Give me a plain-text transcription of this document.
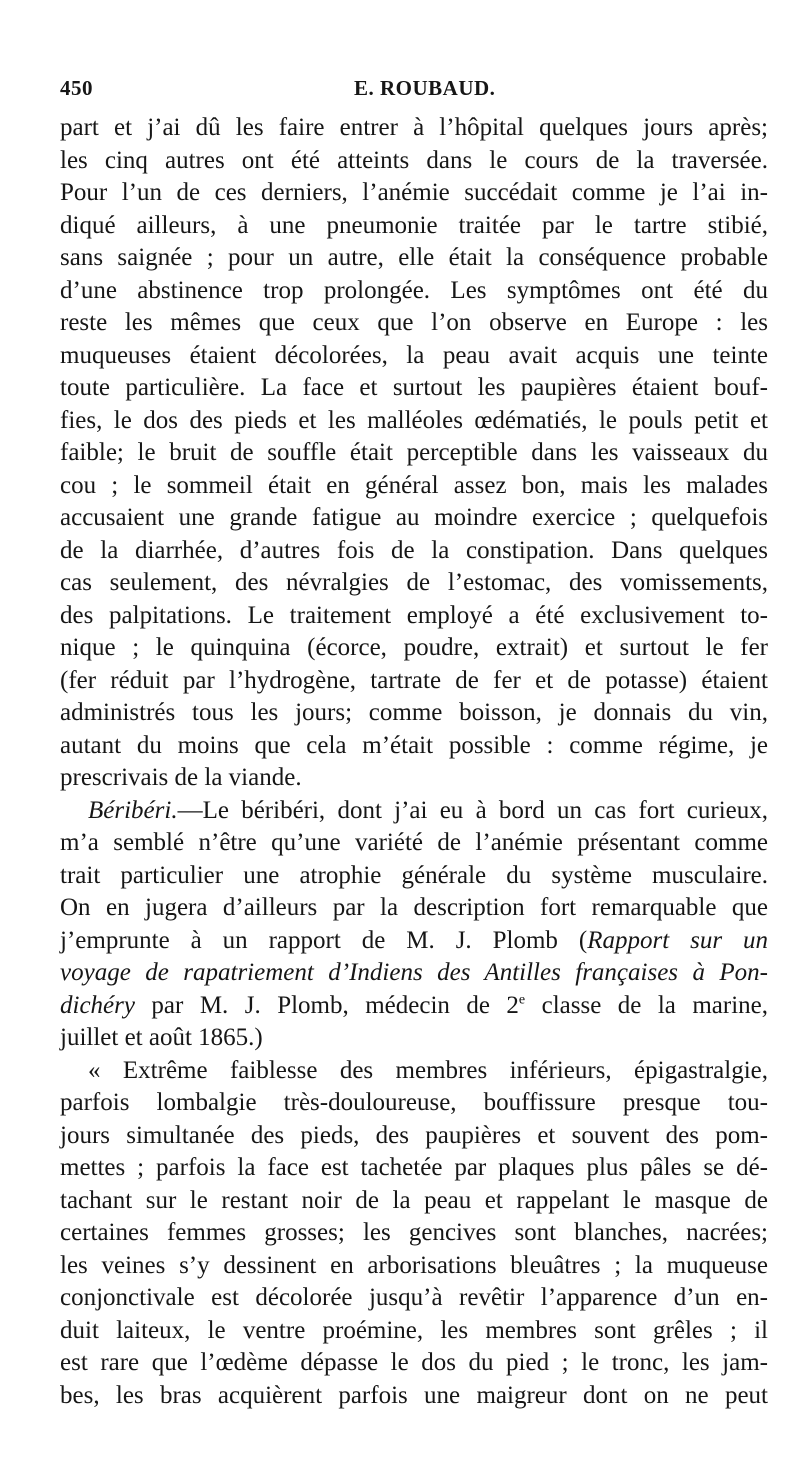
450	E. ROUBAUD.
part et j’ai dû les faire entrer à l’hôpital quelques jours après;
les cinq autres ont été atteints dans le cours de la traversée.
Pour l’un de ces derniers, l’anémie succédait comme je l’ai in-
diqué ailleurs, à une pneumonie traitée par le tartre stibié,
sans saignée ; pour un autre, elle était la conséquence probable
d’une abstinence trop prolongée. Les symptômes ont été du
reste les mêmes que ceux que l’on observe en Europe : les
muqueuses étaient décolorées, la peau avait acquis une teinte
toute particulière. La face et surtout les paupières étaient bouf-
fies, le dos des pieds et les malléoles œdématiés, le pouls petit et
faible; le bruit de souffle était perceptible dans les vaisseaux du
cou ; le sommeil était en général assez bon, mais les malades
accusaient une grande fatigue au moindre exercice ; quelquefois
de la diarrhée, d’autres fois de la constipation. Dans quelques
cas seulement, des névralgies de l’estomac, des vomissements,
des palpitations. Le traitement employé a été exclusivement to-
nique ; le quinquina (écorce, poudre, extrait) et surtout le fer
(fer réduit par l’hydrogène, tartrate de fer et de potasse) étaient
administrés tous les jours; comme boisson, je donnais du vin,
autant du moins que cela m’était possible : comme régime, je
prescrivais de la viande.
Béribéri.—Le béribéri, dont j’ai eu à bord un cas fort curieux,
m’a semblé n’être qu’une variété de l’anémie présentant comme
trait particulier une atrophie générale du système musculaire.
On en jugera d’ailleurs par la description fort remarquable que
j’emprunte à un rapport de M. J. Plomb (Rapport sur un
voyage de rapatriement d’Indiens des Antilles françaises à Pon-
dichéry par M. J. Plomb, médecin de 2e classe de la marine,
juillet et août 1865.)
« Extrême faiblesse des membres inférieurs, épigastralgie,
parfois lombalgie très-douloureuse, bouffissure presque tou-
jours simultanée des pieds, des paupières et souvent des pom-
mettes ; parfois la face est tachetée par plaques plus pâles se dé-
tachant sur le restant noir de la peau et rappelant le masque de
certaines femmes grosses; les gencives sont blanches, nacrées;
les veines s’y dessinent en arborisations bleuâtres ; la muqueuse
conjonctivale est décolorée jusqu’à revêtir l’apparence d’un en-
duit laiteux, le ventre proémine, les membres sont grêles ; il
est rare que l’œdème dépasse le dos du pied ; le tronc, les jam-
bes, les bras acquièrent parfois une maigreur dont on ne peut
